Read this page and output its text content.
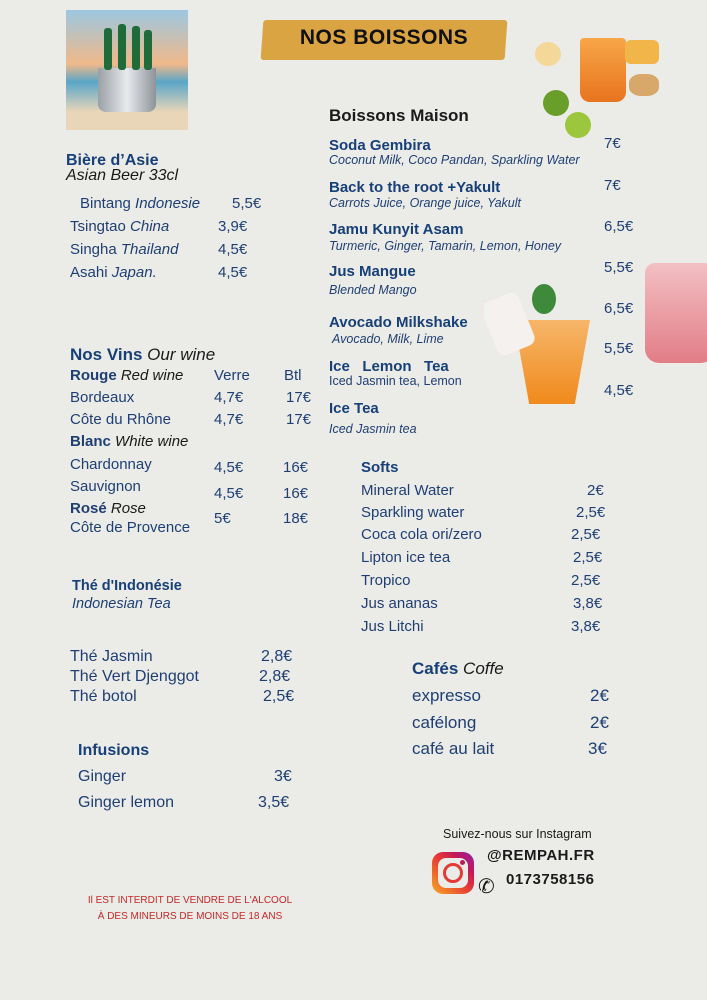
NOS BOISSONS
Boissons Maison
Soda Gembira
Coconut Milk, Coco Pandan, Sparkling Water
7€
Back to the root +Yakult
Carrots Juice, Orange juice, Yakult
7€
Jamu Kunyit Asam
Turmeric, Ginger, Tamarin, Lemon, Honey
6,5€
Jus Mangue
Blended Mango
5,5€
Avocado Milkshake
Avocado, Milk, Lime
6,5€
Ice   Lemon   Tea
Iced Jasmin tea, Lemon
5,5€
Ice Tea
Iced Jasmin tea
4,5€
Bière d’Asie
Asian Beer 33cl
Bintang Indonesie 5,5€
Tsingtao China	3,9€
Singha Thailand	4,5€
Asahi Japan.	4,5€
Nos Vins Our wine
Rouge Red wine Verre Btl
Bordeaux	4,7€	17€
Côte du Rhône	4,7€	17€
Blanc White wine
Chardonnay	4,5€	16€
Sauvignon	4,5€	16€
Rosé Rose
Côte de Provence
5€	18€
Thé d'Indonésie
Indonesian Tea
Thé Jasmin	2,8€
Thé Vert Djenggot	2,8€
Thé botol	2,5€
Infusions
Ginger	3€
Ginger lemon	3,5€
Softs
Mineral Water	2€
Sparkling water	2,5€
Coca cola ori/zero	2,5€
Lipton ice tea	2,5€
Tropico	2,5€
Jus ananas	3,8€
Jus Litchi	3,8€
Cafés Coffe
expresso	2€
cafélong	2€
café au lait	3€
Suivez-nous sur Instagram
@REMPAH.FR
✆ 0173758156
Il EST INTERDIT DE VENDRE DE L'ALCOOL
À DES MINEURS DE MOINS DE 18 ANS
